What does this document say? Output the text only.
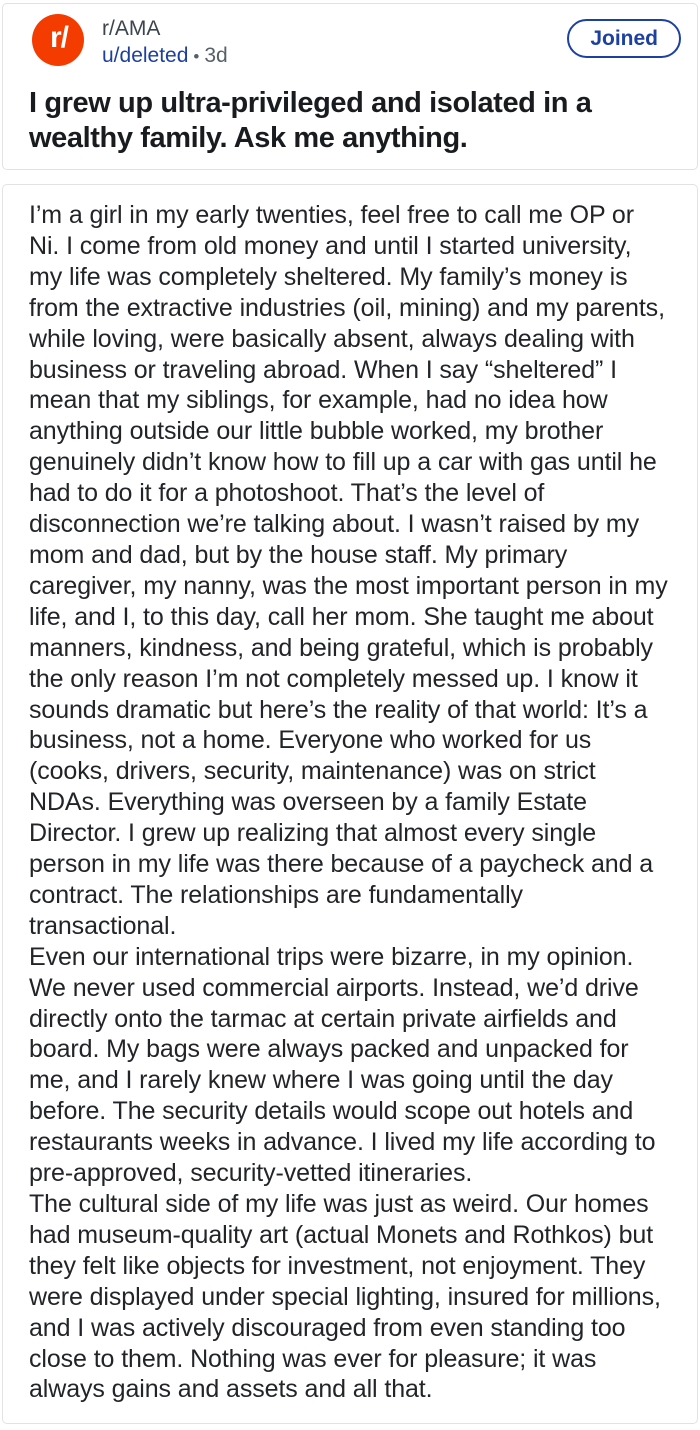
r/ r/AMA
u/deleted • 3d
Joined
I grew up ultra-privileged and isolated in a wealthy family. Ask me anything.

I’m a girl in my early twenties, feel free to call me OP or Ni. I come from old money and until I started university, my life was completely sheltered. My family’s money is from the extractive industries (oil, mining) and my parents, while loving, were basically absent, always dealing with business or traveling abroad. When I say “sheltered” I mean that my siblings, for example, had no idea how anything outside our little bubble worked, my brother genuinely didn’t know how to fill up a car with gas until he had to do it for a photoshoot. That’s the level of disconnection we’re talking about. I wasn’t raised by my mom and dad, but by the house staff. My primary caregiver, my nanny, was the most important person in my life, and I, to this day, call her mom. She taught me about manners, kindness, and being grateful, which is probably the only reason I’m not completely messed up. I know it sounds dramatic but here’s the reality of that world: It’s a business, not a home. Everyone who worked for us (cooks, drivers, security, maintenance) was on strict NDAs. Everything was overseen by a family Estate Director. I grew up realizing that almost every single person in my life was there because of a paycheck and a contract. The relationships are fundamentally transactional.

Even our international trips were bizarre, in my opinion. We never used commercial airports. Instead, we’d drive directly onto the tarmac at certain private airfields and board. My bags were always packed and unpacked for me, and I rarely knew where I was going until the day before. The security details would scope out hotels and restaurants weeks in advance. I lived my life according to pre-approved, security-vetted itineraries.

The cultural side of my life was just as weird. Our homes had museum-quality art (actual Monets and Rothkos) but they felt like objects for investment, not enjoyment. They were displayed under special lighting, insured for millions, and I was actively discouraged from even standing too close to them. Nothing was ever for pleasure; it was always gains and assets and all that.
